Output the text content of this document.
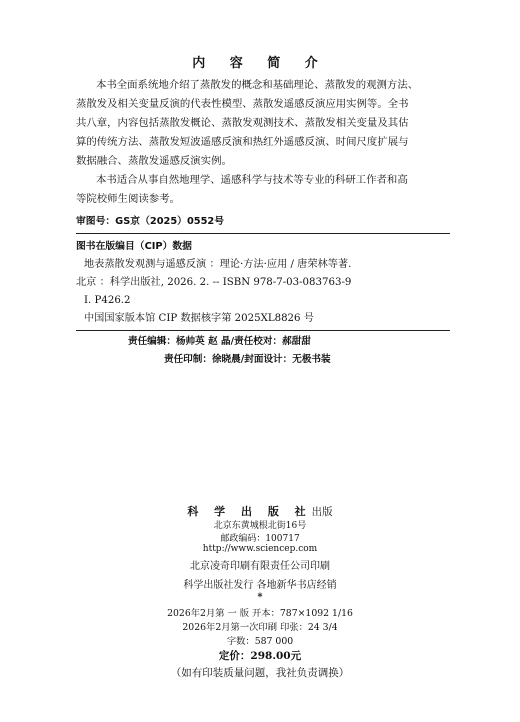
内 容 简 介
本书全面系统地介绍了蒸散发的概念和基础理论、蒸散发的观测方法、
蒸散发及相关变量反演的代表性模型、蒸散发遥感反演应用实例等。全书
共八章，内容包括蒸散发概论、蒸散发观测技术、蒸散发相关变量及其估
算的传统方法、蒸散发短波遥感反演和热红外遥感反演、时间尺度扩展与
数据融合、蒸散发遥感反演实例。
本书适合从事自然地理学、遥感科学与技术等专业的科研工作者和高
等院校师生阅读参考。
审图号：GS京（2025）0552号
图书在版编目（CIP）数据
地表蒸散发观测与遥感反演 ：理论·方法·应用 / 唐荣林等著.
北京 ：科学出版社, 2026. 2. -- ISBN 978-7-03-083763-9
Ⅰ. P426.2
中国国家版本馆 CIP 数据核字第 2025XL8826 号
责任编辑：杨帅英 赵 晶/责任校对：郝甜甜
责任印制：徐晓晨/封面设计：无极书装
科 学 出 版 社出版
北京东黄城根北街16号
邮政编码：100717
http://www.sciencep.com
北京凌奇印刷有限责任公司印刷
科学出版社发行 各地新华书店经销
*
2026年2月第 一 版 开本：787×1092 1/16
2026年2月第一次印刷 印张：24 3/4
字数：587 000
定价：298.00元
（如有印装质量问题，我社负责调换）
